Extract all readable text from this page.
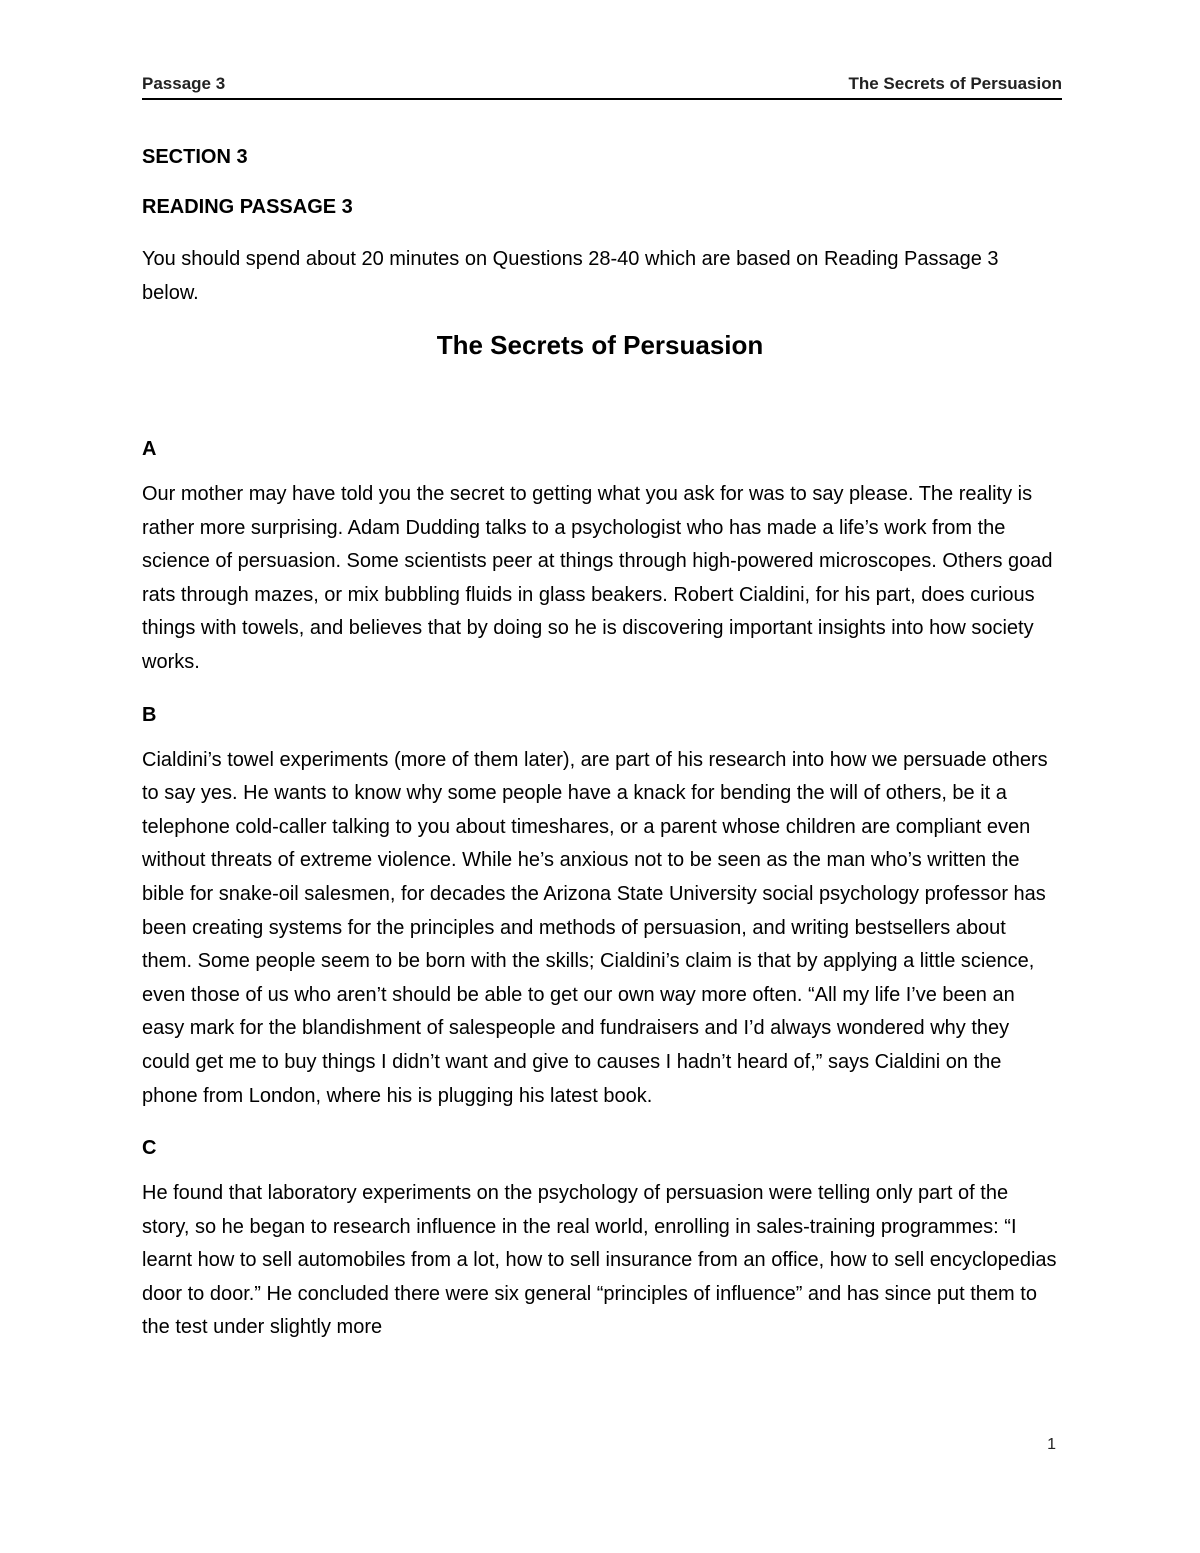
Passage 3	The Secrets of Persuasion

SECTION 3

READING PASSAGE 3

You should spend about 20 minutes on Questions 28-40 which are based on Reading Passage 3 below.

The Secrets of Persuasion

A

Our mother may have told you the secret to getting what you ask for was to say please. The reality is rather more surprising. Adam Dudding talks to a psychologist who has made a life’s work from the science of persuasion. Some scientists peer at things through high-powered microscopes. Others goad rats through mazes, or mix bubbling fluids in glass beakers. Robert Cialdini, for his part, does curious things with towels, and believes that by doing so he is discovering important insights into how society works.

B

Cialdini’s towel experiments (more of them later), are part of his research into how we persuade others to say yes. He wants to know why some people have a knack for bending the will of others, be it a telephone cold-caller talking to you about timeshares, or a parent whose children are compliant even without threats of extreme violence. While he’s anxious not to be seen as the man who’s written the bible for snake-oil salesmen, for decades the Arizona State University social psychology professor has been creating systems for the principles and methods of persuasion, and writing bestsellers about them. Some people seem to be born with the skills; Cialdini’s claim is that by applying a little science, even those of us who aren’t should be able to get our own way more often. “All my life I’ve been an easy mark for the blandishment of salespeople and fundraisers and I’d always wondered why they could get me to buy things I didn’t want and give to causes I hadn’t heard of,” says Cialdini on the phone from London, where his is plugging his latest book.

C

He found that laboratory experiments on the psychology of persuasion were telling only part of the story, so he began to research influence in the real world, enrolling in sales-training programmes: “I learnt how to sell automobiles from a lot, how to sell insurance from an office, how to sell encyclopedias door to door.” He concluded there were six general “principles of influence” and has since put them to the test under slightly more

1
